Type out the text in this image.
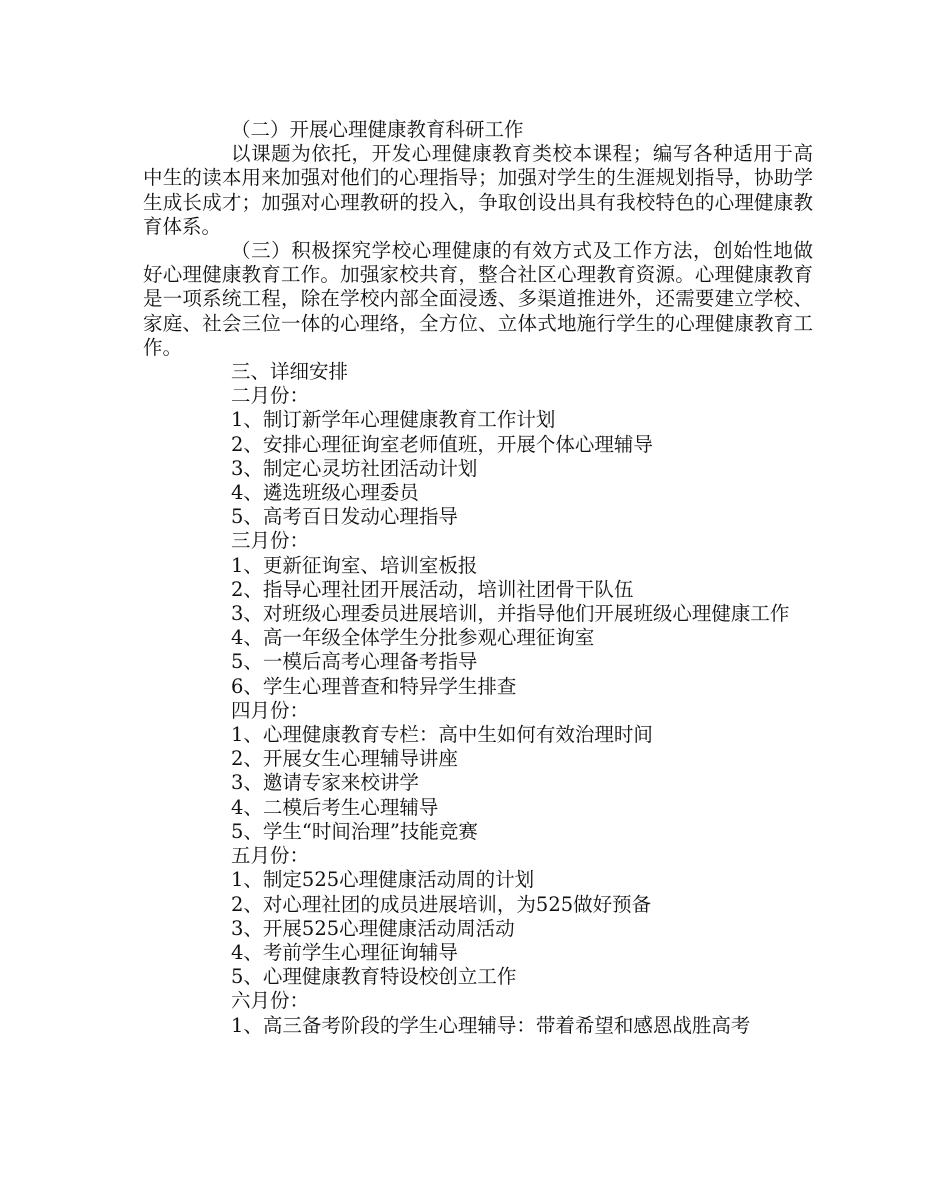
（二）开展心理健康教育科研工作

以课题为依托，开发心理健康教育类校本课程；编写各种适用于高中生的读本用来加强对他们的心理指导；加强对学生的生涯规划指导，协助学生成长成才；加强对心理教研的投入，争取创设出具有我校特色的心理健康教育体系。

（三）积极探究学校心理健康的有效方式及工作方法，创始性地做好心理健康教育工作。加强家校共育，整合社区心理教育资源。心理健康教育是一项系统工程，除在学校内部全面浸透、多渠道推进外，还需要建立学校、家庭、社会三位一体的心理络，全方位、立体式地施行学生的心理健康教育工作。

三、详细安排

二月份：

1、制订新学年心理健康教育工作计划

2、安排心理征询室老师值班，开展个体心理辅导

3、制定心灵坊社团活动计划

4、遴选班级心理委员

5、高考百日发动心理指导

三月份：

1、更新征询室、培训室板报

2、指导心理社团开展活动，培训社团骨干队伍

3、对班级心理委员进展培训，并指导他们开展班级心理健康工作

4、高一年级全体学生分批参观心理征询室

5、一模后高考心理备考指导

6、学生心理普查和特异学生排查

四月份：

1、心理健康教育专栏：高中生如何有效治理时间

2、开展女生心理辅导讲座

3、邀请专家来校讲学

4、二模后考生心理辅导

5、学生“时间治理”技能竞赛

五月份：

1、制定525心理健康活动周的计划

2、对心理社团的成员进展培训，为525做好预备

3、开展525心理健康活动周活动

4、考前学生心理征询辅导

5、心理健康教育特设校创立工作

六月份：

1、高三备考阶段的学生心理辅导：带着希望和感恩战胜高考
